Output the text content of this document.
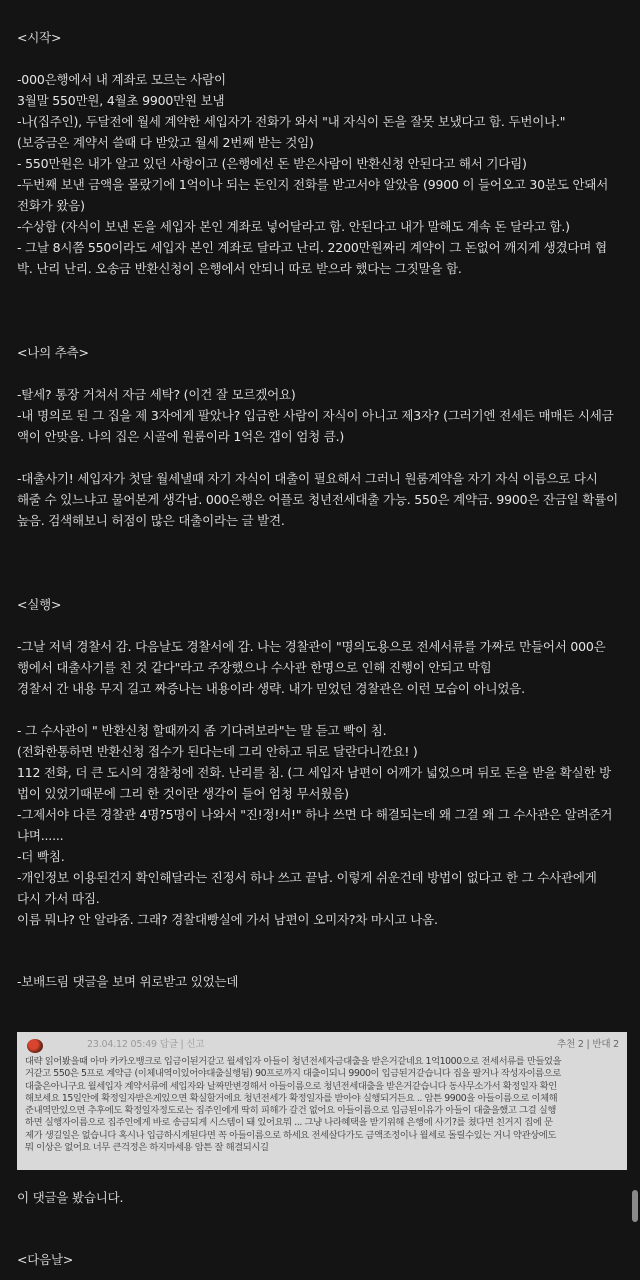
<시작>
-000은행에서 내 계좌로 모르는 사람이
3월말 550만원, 4월초 9900만원 보냄
-나(집주인), 두달전에 월세 계약한 세입자가 전화가 와서 "내 자식이 돈을 잘못 보냈다고 함. 두번이나."
(보증금은 계약서 쓸때 다 받았고 월세 2번째 받는 것임)
- 550만원은 내가 알고 있던 사항이고 (은행에선 돈 받은사람이 반환신청 안된다고 해서 기다림)
-두번째 보낸 금액을 몰랐기에 1억이나 되는 돈인지 전화를 받고서야 알았음 (9900 이 들어오고 30분도 안돼서
전화가 왔음)
-수상함 (자식이 보낸 돈을 세입자 본인 계좌로 넣어달라고 함. 안된다고 내가 말해도 계속 돈 달라고 함.)
- 그날 8시쯤 550이라도 세입자 본인 계좌로 달라고 난리. 2200만원짜리 계약이 그 돈없어 깨지게 생겼다며 협
박. 난리 난리. 오송금 반환신청이 은행에서 안되니 따로 받으라 했다는 그짓말을 함.
<나의 추측>
-탈세? 통장 거쳐서 자금 세탁? (이건 잘 모르겠어요)
-내 명의로 된 그 집을 제 3자에게 팔았나? 입금한 사람이 자식이 아니고 제3자? (그러기엔 전세든 매매든 시세금
액이 안맞음. 나의 집은 시골에 원룸이라 1억은 갭이 엄청 큼.)
-대출사기! 세입자가 첫달 월세낼때 자기 자식이 대출이 필요해서 그러니 원룸계약을 자기 자식 이름으로 다시
해줄 수 있느냐고 물어본게 생각남. 000은행은 어플로 청년전세대출 가능. 550은 계약금. 9900은 잔금일 확률이
높음. 검색해보니 허점이 많은 대출이라는 글 발견.
<실행>
-그날 저녁 경찰서 감. 다음날도 경찰서에 감. 나는 경찰관이 "명의도용으로 전세서류를 가짜로 만들어서 000은
행에서 대출사기를 친 것 같다"라고 주장했으나 수사관 한명으로 인해 진행이 안되고 막힘
경찰서 간 내용 무지 길고 짜증나는 내용이라 생략. 내가 믿었던 경찰관은 이런 모습이 아니었음.
- 그 수사관이 " 반환신청 할때까지 좀 기다려보라"는 말 듣고 빡이 침.
(전화한통하면 반환신청 접수가 된다는데 그리 안하고 뒤로 달란다니깐요! )
112 전화, 더 큰 도시의 경찰청에 전화. 난리를 침. (그 세입자 남편이 어깨가 넓었으며 뒤로 돈을 받을 확실한 방
법이 있었기때문에 그리 한 것이란 생각이 들어 엄청 무서웠음)
-그제서야 다른 경찰관 4명?5명이 나와서 "진!정!서!" 하나 쓰면 다 해결되는데 왜 그걸 왜 그 수사관은 알려준거
냐며......
-더 빡침.
-개인정보 이용된건지 확인해달라는 진정서 하나 쓰고 끝남. 이렇게 쉬운건데 방법이 없다고 한 그 수사관에게
다시 가서 따짐.
이름 뭐냐? 안 알랴줌. 그래? 경찰대빵실에 가서 남편이 오미자?차 마시고 나옴.
-보배드림 댓글을 보며 위로받고 있었는데
23.04.12 05:49 답글 | 신고	추천 2 | 반대 2
대략 읽어봤을때 아마 카카오뱅크로 입금이된거같고 월세입자 아들이 청년전세자금대출을 받은거같네요 1억1000으로 전세서류를 만들었을
거같고 550은 5프로 계약금 (이체내역이있어야대출실행됨) 90프로까지 대출이되니 9900이 입금된거같습니다 집을 팔거나 작성자이름으로
대출은아니구요 월세입자 계약서류에 세입자와 날짜만변경해서 아들이름으로 청년전세대출을 받은거같습니다 동사무소가서 확정일자 확인
해보세요 15일안에 확정일자받은게있으면 확실할거에요 청년전세가 확정일자를 받아야 실행되거든요 .. 암튼 9900을 아들이름으로 이체해
준내역만있으면 추후에도 확정일자정도로는 집주인에게 딱히 피해가 갈건 없어요 아들이름으로 입금된이유가 아들이 대출을했고 그걸 실행
하면 실행자이름으로 집주인에게 바로 송금되게 시스템이 돼 있어요뭐 ... 그냥 나라혜택을 받기위해 은행에 사기?를 쳤다면 친거지 집에 문
제가 생길일은 없습니다 혹시나 입금하시게된다면 꼭 아들이름으로 하세요 전세살다가도 금액조정이나 월세로 돌릴수있는 거니 약관상에도
뭐 이상은 없어요 너무 큰걱정은 하지마세용 암튼 잘 해결되시길
이 댓글을 봤습니다.
<다음날>
